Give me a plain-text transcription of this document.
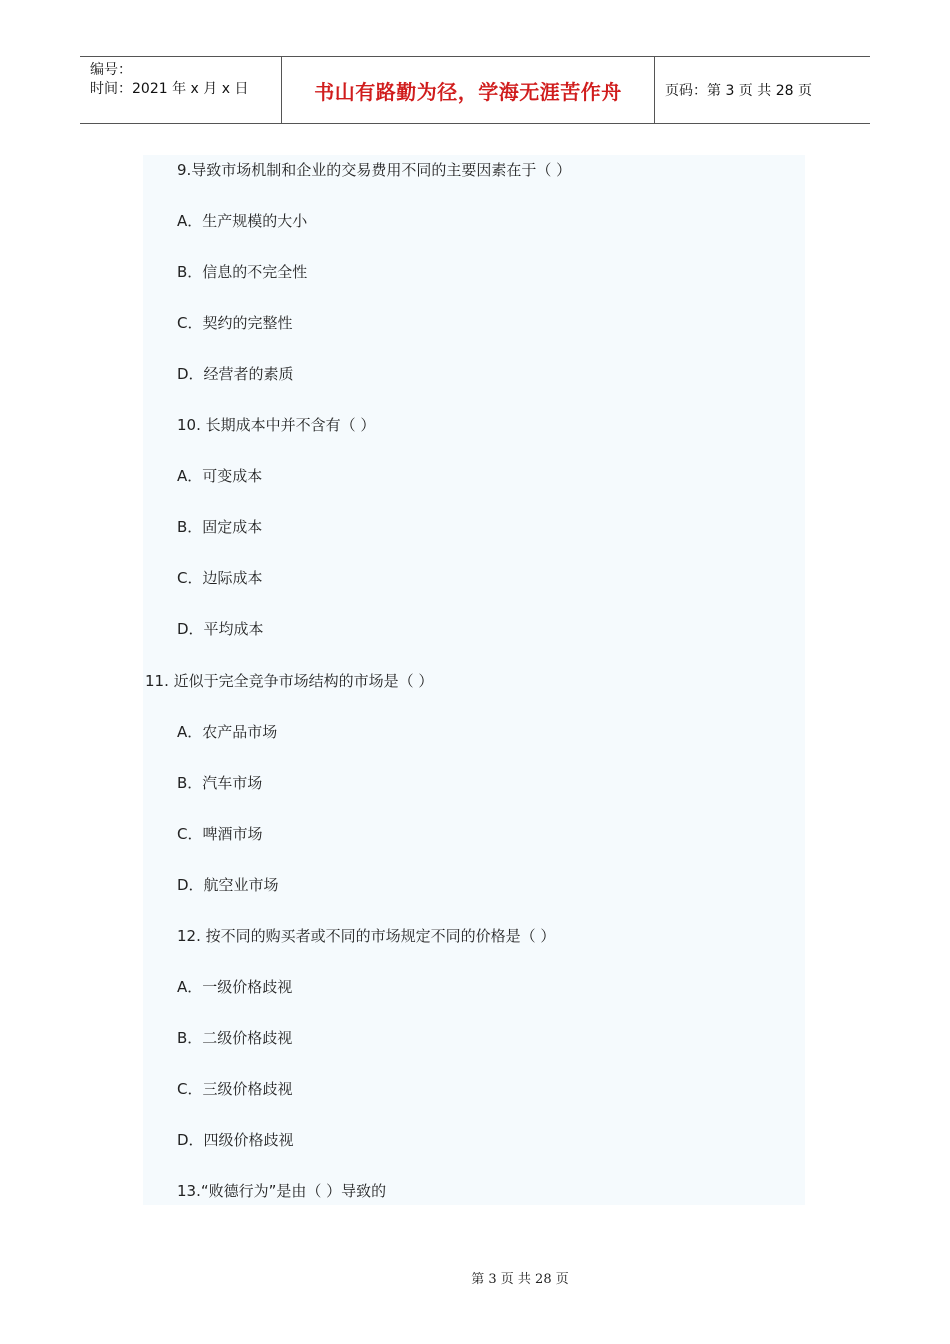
编号：
时间：2021 年 x 月 x 日	书山有路勤为径，学海无涯苦作舟	页码：第 3 页 共 28 页
9.导致市场机制和企业的交易费用不同的主要因素在于（ ）
A．生产规模的大小
B．信息的不完全性
C．契约的完整性
D．经营者的素质
10. 长期成本中并不含有（ ）
A．可变成本
B．固定成本
C．边际成本
D．平均成本
11. 近似于完全竞争市场结构的市场是（ ）
A．农产品市场
B．汽车市场
C．啤酒市场
D．航空业市场
12. 按不同的购买者或不同的市场规定不同的价格是（ ）
A．一级价格歧视
B．二级价格歧视
C．三级价格歧视
D．四级价格歧视
13.“败德行为”是由（ ）导致的
第 3 页 共 28 页
